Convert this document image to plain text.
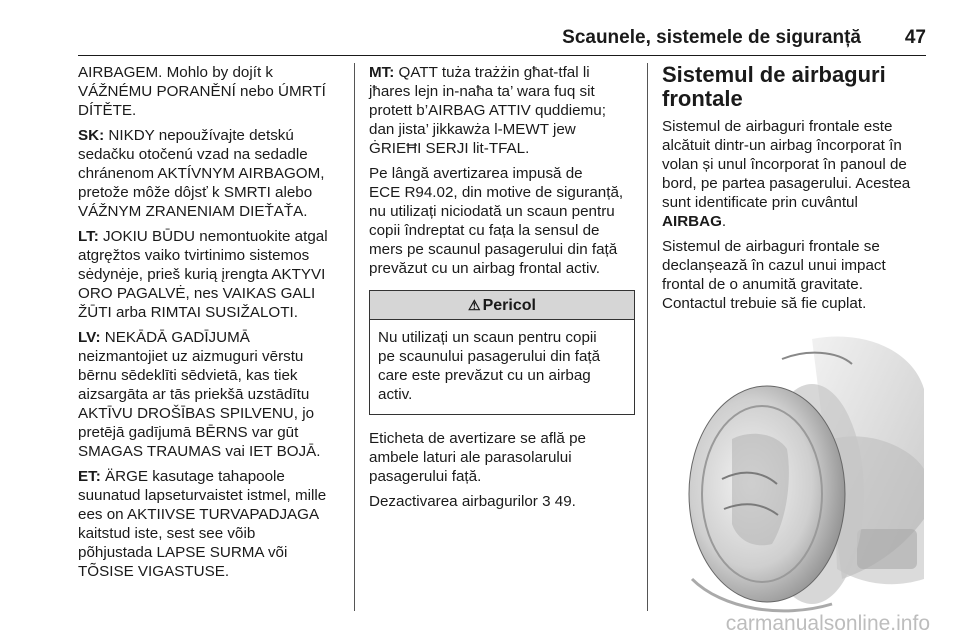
Scaunele, sistemele de siguranță 47

AIRBAGEM. Mohlo by dojít k
VÁŽNÉMU PORANĚNÍ nebo ÚMRTÍ
DÍTĚTE.

SK: NIKDY nepoužívajte detskú
sedačku otočenú vzad na sedadle
chránenom AKTÍVNYM AIRBAGOM,
pretože môže dôjsť k SMRTI alebo
VÁŽNYM ZRANENIAM DIEŤAŤA.

LT: JOKIU BŪDU nemontuokite atgal
atgręžtos vaiko tvirtinimo sistemos
sėdynėje, prieš kurią įrengta AKTYVI
ORO PAGALVĖ, nes VAIKAS GALI
ŽŪTI arba RIMTAI SUSIŽALOTI.

LV: NEKĀDĀ GADĪJUMĀ
neizmantojiet uz aizmuguri vērstu
bērnu sēdeklīti sēdvietā, kas tiek
aizsargāta ar tās priekšā uzstādītu
AKTĪVU DROŠĪBAS SPILVENU, jo
pretējā gadījumā BĒRNS var gūt
SMAGAS TRAUMAS vai IET BOJĀ.

ET: ÄRGE kasutage tahapoole
suunatud lapseturvaistet istmel, mille
ees on AKTIIVSE TURVAPADJAGA
kaitstud iste, sest see võib
põhjustada LAPSE SURMA või
TÕSISE VIGASTUSE.

MT: QATT tuża trażżin għat-tfal li
jħares lejn in-naħa ta’ wara fuq sit
protett b’AIRBAG ATTIV quddiemu;
dan jista’ jikkawża l-MEWT jew
ĠRIEĦI SERJI lit-TFAL.

Pe lângă avertizarea impusă de
ECE R94.02, din motive de siguranță,
nu utilizați niciodată un scaun pentru
copii îndreptat cu fața la sensul de
mers pe scaunul pasagerului din față
prevăzut cu un airbag frontal activ.

⚠ Pericol
Nu utilizați un scaun pentru copii
pe scaunului pasagerului din față
care este prevăzut cu un airbag
activ.

Eticheta de avertizare se află pe
ambele laturi ale parasolarului
pasagerului față.

Dezactivarea airbagurilor 3 49.

Sistemul de airbaguri
frontale

Sistemul de airbaguri frontale este
alcătuit dintr-un airbag încorporat în
volan și unul încorporat în panoul de
bord, pe partea pasagerului. Acestea
sunt identificate prin cuvântul
AIRBAG.

Sistemul de airbaguri frontale se
declanșează în cazul unui impact
frontal de o anumită gravitate.
Contactul trebuie să fie cuplat.

carmanualsonline.info
